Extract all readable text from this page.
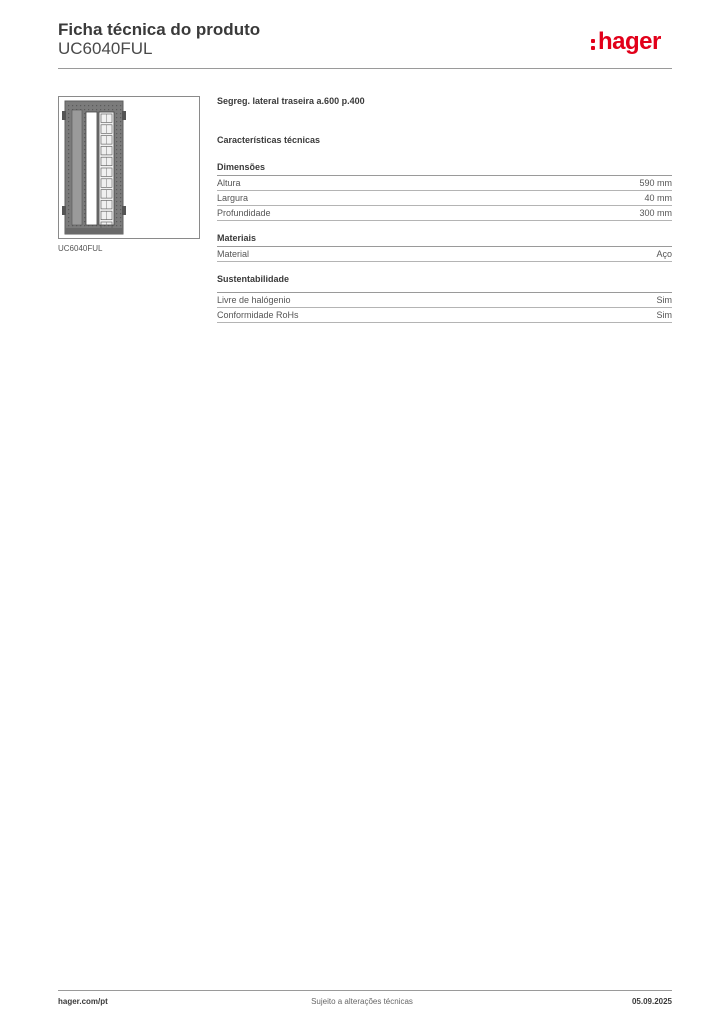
Ficha técnica do produto
UC6040FUL	hager
UC6040FUL
Segreg. lateral traseira a.600 p.400
Características técnicas
Dimensões
Altura	590 mm
Largura	40 mm
Profundidade	300 mm
Materiais
Material	Aço
Sustentabilidade
Livre de halógenio	Sim
Conformidade RoHs	Sim
hager.com/pt	Sujeito a alterações técnicas	05.09.2025
